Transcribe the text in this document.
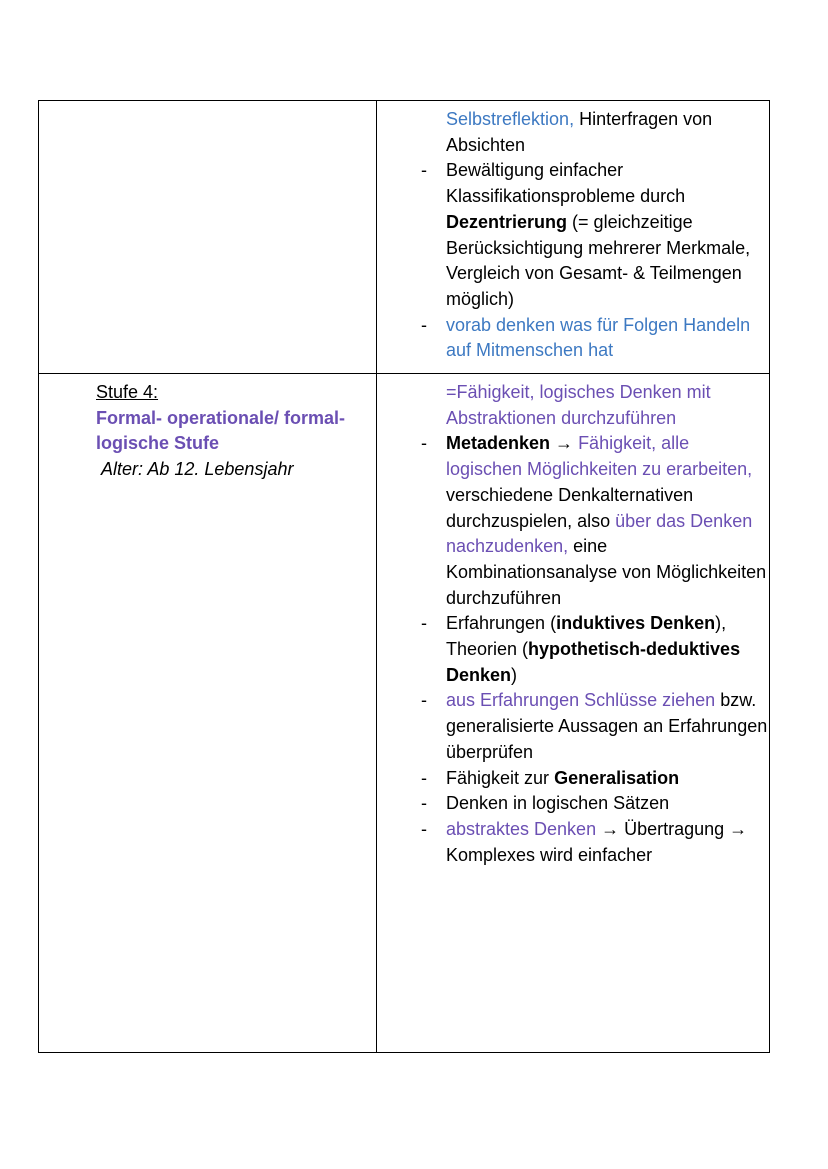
Selbstreflektion, Hinterfragen von Absichten
- Bewältigung einfacher Klassifikationsprobleme durch Dezentrierung (= gleichzeitige Berücksichtigung mehrerer Merkmale, Vergleich von Gesamt- & Teilmengen möglich)
- vorab denken was für Folgen Handeln auf Mitmenschen hat
Stufe 4:
Formal- operationale/ formal-logische Stufe
Alter: Ab 12. Lebensjahr
=Fähigkeit, logisches Denken mit Abstraktionen durchzuführen
- Metadenken → Fähigkeit, alle logischen Möglichkeiten zu erarbeiten, verschiedene Denkalternativen durchzuspielen, also über das Denken nachzudenken, eine Kombinationsanalyse von Möglichkeiten durchzuführen
- Erfahrungen (induktives Denken), Theorien (hypothetisch-deduktives Denken)
- aus Erfahrungen Schlüsse ziehen bzw. generalisierte Aussagen an Erfahrungen überprüfen
- Fähigkeit zur Generalisation
- Denken in logischen Sätzen
- abstraktes Denken → Übertragung → Komplexes wird einfacher
